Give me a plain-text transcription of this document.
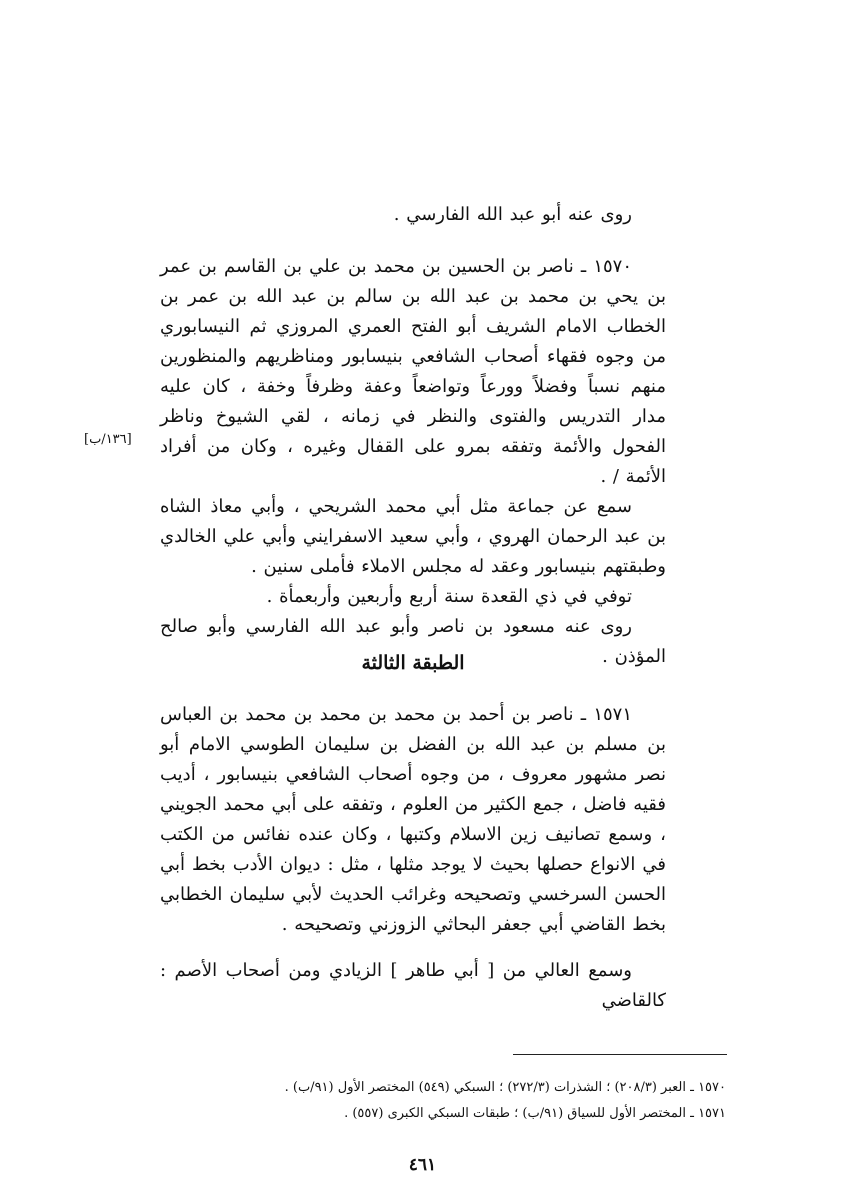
روى عنه أبو عبد الله الفارسي .

١٥٧٠ ـ ناصر بن الحسين بن محمد بن علي بن القاسم بن عمر بن يحي بن محمد بن عبد الله بن سالم بن عبد الله بن عمر بن الخطاب الامام الشريف أبو الفتح العمري المروزي ثم النيسابوري من وجوه فقهاء أصحاب الشافعي بنيسابور ومناظريهم والمنظورين منهم نسباً وفضلاً وورعاً وتواضعاً وعفة وظرفاً وخفة ، كان عليه مدار التدريس والفتوى والنظر في زمانه ، لقي الشيوخ وناظر الفحول والأئمة وتفقه بمرو على القفال وغيره ، وكان من أفراد الأئمة / .

سمع عن جماعة مثل أبي محمد الشريحي ، وأبي معاذ الشاه بن عبد الرحمان الهروي ، وأبي سعيد الاسفرايني وأبي علي الخالدي وطبقتهم بنيسابور وعقد له مجلس الاملاء فأملى سنين .

توفي في ذي القعدة سنة أربع وأربعين وأربعمأة .

روى عنه مسعود بن ناصر وأبو عبد الله الفارسي وأبو صالح المؤذن .

[١٣٦/ب]
الطبقة الثالثة

١٥٧١ ـ ناصر بن أحمد بن محمد بن محمد بن محمد بن العباس بن مسلم بن عبد الله بن الفضل بن سليمان الطوسي الامام أبو نصر مشهور معروف ، من وجوه أصحاب الشافعي بنيسابور ، أديب فقيه فاضل ، جمع الكثير من العلوم ، وتفقه على أبي محمد الجويني ، وسمع تصانيف زين الاسلام وكتبها ، وكان عنده نفائس من الكتب في الانواع حصلها بحيث لا يوجد مثلها ، مثل : ديوان الأدب بخط أبي الحسن السرخسي وتصحيحه وغرائب الحديث لأبي سليمان الخطابي بخط القاضي أبي جعفر البحاثي الزوزني وتصحيحه .

وسمع العالي من [ أبي طاهر ] الزيادي ومن أصحاب الأصم : كالقاضي

١٥٧٠ ـ العبر (٢٠٨/٣) ؛ الشذرات (٢٧٢/٣) ؛ السبكي (٥٤٩) المختصر الأول (٩١/ب) .

١٥٧١ ـ المختصر الأول للسياق (٩١/ب) ؛ طبقات السبكي الكبرى (٥٥٧) .

٤٦١
